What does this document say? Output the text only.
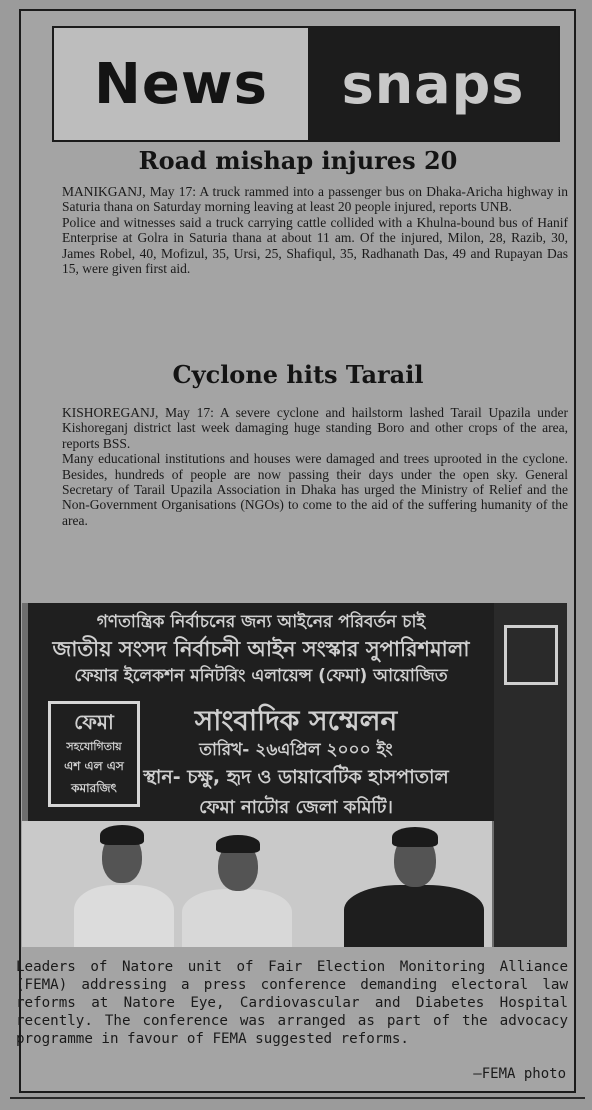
News snaps
Road mishap injures 20

MANIKGANJ, May 17: A truck rammed into a passenger bus on Dhaka-Aricha highway in Saturia thana on Saturday morning leaving at least 20 people injured, reports UNB.

Police and witnesses said a truck carrying cattle collided with a Khulna-bound bus of Hanif Enterprise at Golra in Saturia thana at about 11 am. Of the injured, Milon, 28, Razib, 30, James Robel, 40, Mofizul, 35, Ursi, 25, Shafiqul, 35, Radhanath Das, 49 and Rupayan Das 15, were given first aid.

Cyclone hits Tarail

KISHOREGANJ, May 17: A severe cyclone and hailstorm lashed Tarail Upazila under Kishoreganj district last week damaging huge standing Boro and other crops of the area, reports BSS.

Many educational institutions and houses were damaged and trees uprooted in the cyclone. Besides, hundreds of people are now passing their days under the open sky. General Secretary of Tarail Upazila Association in Dhaka has urged the Ministry of Relief and the Non-Government Organisations (NGOs) to come to the aid of the suffering humanity of the area.

গণতান্ত্রিক নির্বাচনের জন্য আইনের পরিবর্তন চাই
জাতীয় সংসদ নির্বাচনী আইন সংস্কার সুপারিশমালা
ফেয়ার ইলেকশন মনিটরিং এলায়েন্স (ফেমা) আয়োজিত
সাংবাদিক সম্মেলন
তারিখ- ২৬এপ্রিল ২০০০ ইং
স্থান- চক্ষু, হৃদ ও ডায়াবেটিক হাসপাতাল
ফেমা নাটোর জেলা কমিটি।
ফেমা
সহযোগিতায়
এশ এল এস
কমারজিৎ

Leaders of Natore unit of Fair Election Monitoring Alliance (FEMA) addressing a press conference demanding electoral law reforms at Natore Eye, Cardiovascular and Diabetes Hospital recently. The conference was arranged as part of the advocacy programme in favour of FEMA suggested reforms.

—FEMA photo
